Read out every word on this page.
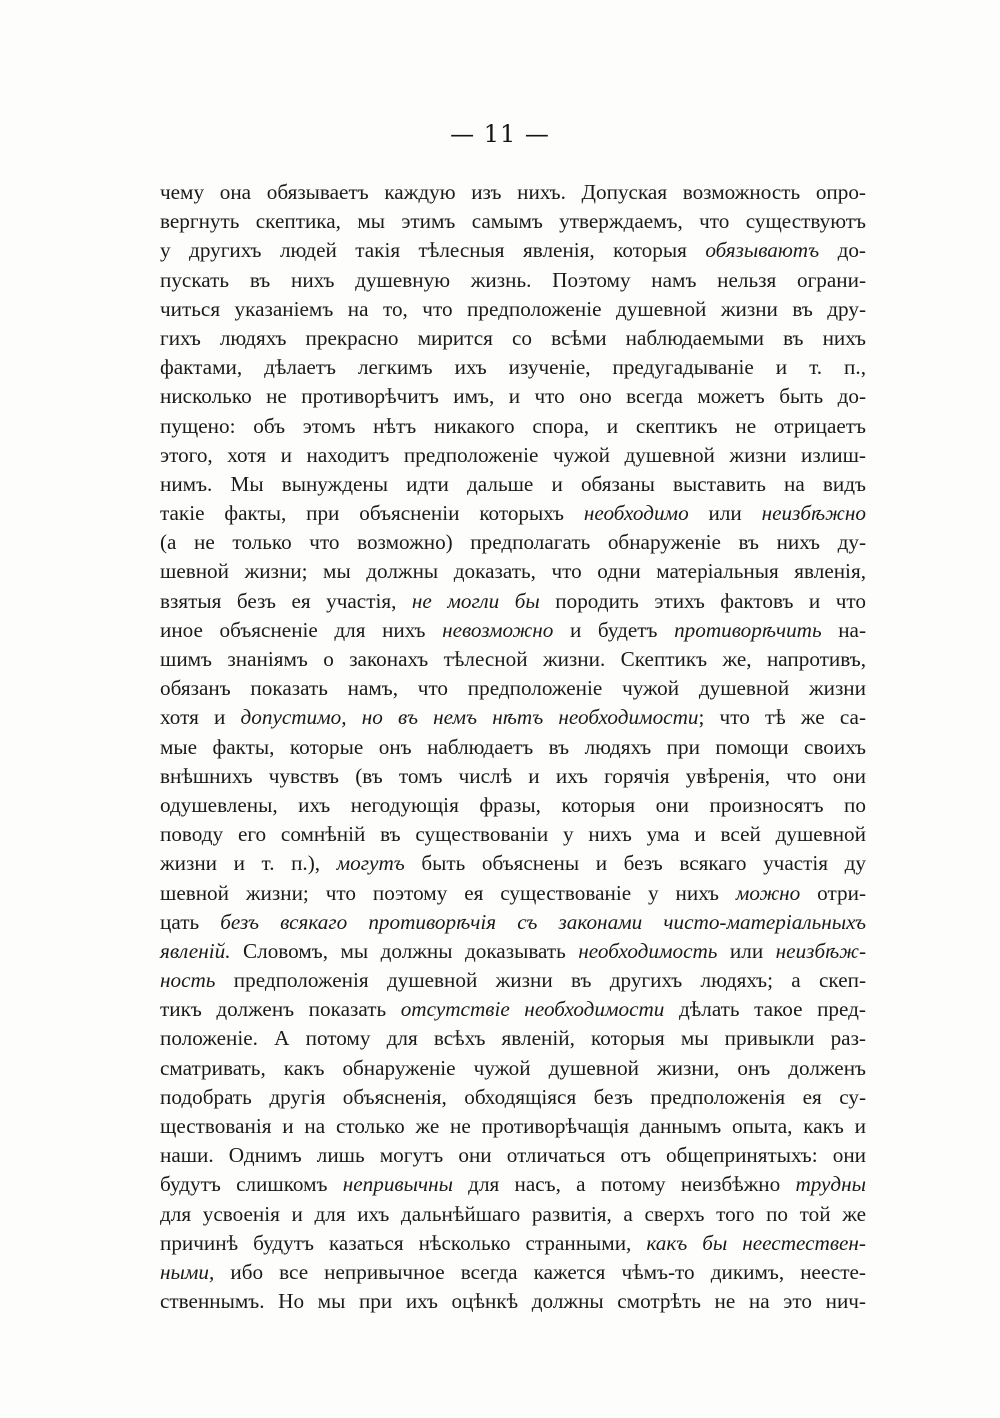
— 11 —
чему она обязываетъ каждую изъ нихъ. Допуская возможность опро-
вергнуть скептика, мы этимъ самымъ утверждаемъ, что существуютъ
у другихъ людей такія тѣлесныя явленія, которыя обязываютъ до-
пускать въ нихъ душевную жизнь. Поэтому намъ нельзя ограни-
читься указаніемъ на то, что предположеніе душевной жизни въ дру-
гихъ людяхъ прекрасно мирится со всѣми наблюдаемыми въ нихъ
фактами, дѣлаетъ легкимъ ихъ изученіе, предугадываніе и т. п.,
нисколько не противорѣчитъ имъ, и что оно всегда можетъ быть до-
пущено: объ этомъ нѣтъ никакого спора, и скептикъ не отрицаетъ
этого, хотя и находитъ предположеніе чужой душевной жизни излиш-
нимъ. Мы вынуждены идти дальше и обязаны выставить на видъ
такіе факты, при объясненіи которыхъ необходимо или неизбѣжно
(а не только что возможно) предполагать обнаруженіе въ нихъ ду-
шевной жизни; мы должны доказать, что одни матеріальныя явленія,
взятыя безъ ея участія, не могли бы породить этихъ фактовъ и что
иное объясненіе для нихъ невозможно и будетъ противорѣчить на-
шимъ знаніямъ о законахъ тѣлесной жизни. Скептикъ же, напротивъ,
обязанъ показать намъ, что предположеніе чужой душевной жизни
хотя и допустимо, но въ немъ нѣтъ необходимости; что тѣ же са-
мые факты, которые онъ наблюдаетъ въ людяхъ при помощи своихъ
внѣшнихъ чувствъ (въ томъ числѣ и ихъ горячія увѣренія, что они
одушевлены, ихъ негодующія фразы, которыя они произносятъ по
поводу его сомнѣній въ существованіи у нихъ ума и всей душевной
жизни и т. п.), могутъ быть объяснены и безъ всякаго участія ду
шевной жизни; что поэтому ея существованіе у нихъ можно отри-
цать безъ всякаго противорѣчія съ законами чисто-матеріальныхъ
явленій. Словомъ, мы должны доказывать необходимость или неизбѣж-
ность предположенія душевной жизни въ другихъ людяхъ; а скеп-
тикъ долженъ показать отсутствіе необходимости дѣлать такое пред-
положеніе. А потому для всѣхъ явленій, которыя мы привыкли раз-
сматривать, какъ обнаруженіе чужой душевной жизни, онъ долженъ
подобрать другія объясненія, обходящіяся безъ предположенія ея су-
ществованія и на столько же не противорѣчащія даннымъ опыта, какъ и
наши. Однимъ лишь могутъ они отличаться отъ общепринятыхъ: они
будутъ слишкомъ непривычны для насъ, а потому неизбѣжно трудны
для усвоенія и для ихъ дальнѣйшаго развитія, а сверхъ того по той же
причинѣ будутъ казаться нѣсколько странными, какъ бы неестествен-
ными, ибо все непривычное всегда кажется чѣмъ-то дикимъ, неесте-
ственнымъ. Но мы при ихъ оцѣнкѣ должны смотрѣть не на это нич-
